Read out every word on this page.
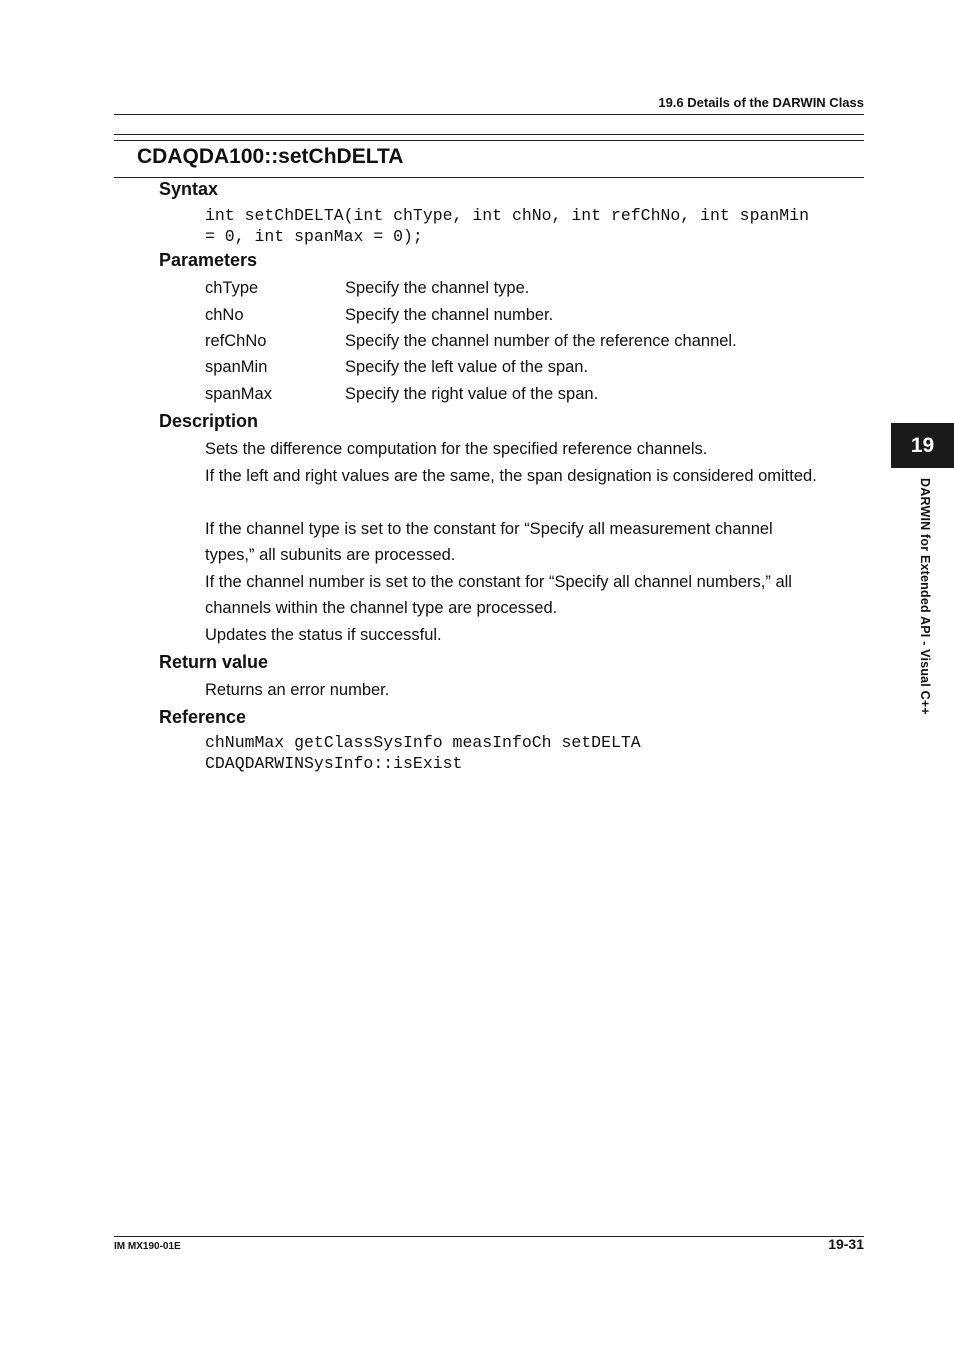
19.6 Details of the DARWIN Class
CDAQDA100::setChDELTA
Syntax
int setChDELTA(int chType, int chNo, int refChNo, int spanMin
= 0, int spanMax = 0);
Parameters
chType	Specify the channel type.
chNo	Specify the channel number.
refChNo	Specify the channel number of the reference channel.
spanMin	Specify the left value of the span.
spanMax	Specify the right value of the span.
Description
Sets the difference computation for the specified reference channels.
If the left and right values are the same, the span designation is considered omitted.
If the channel type is set to the constant for “Specify all measurement channel
types,” all subunits are processed.
If the channel number is set to the constant for “Specify all channel numbers,” all
channels within the channel type are processed.
Updates the status if successful.
Return value
Returns an error number.
Reference
chNumMax getClassSysInfo measInfoCh setDELTA
CDAQDARWINSysInfo::isExist
19
DARWIN for Extended API - Visual C++
IM MX190-01E	19-31
